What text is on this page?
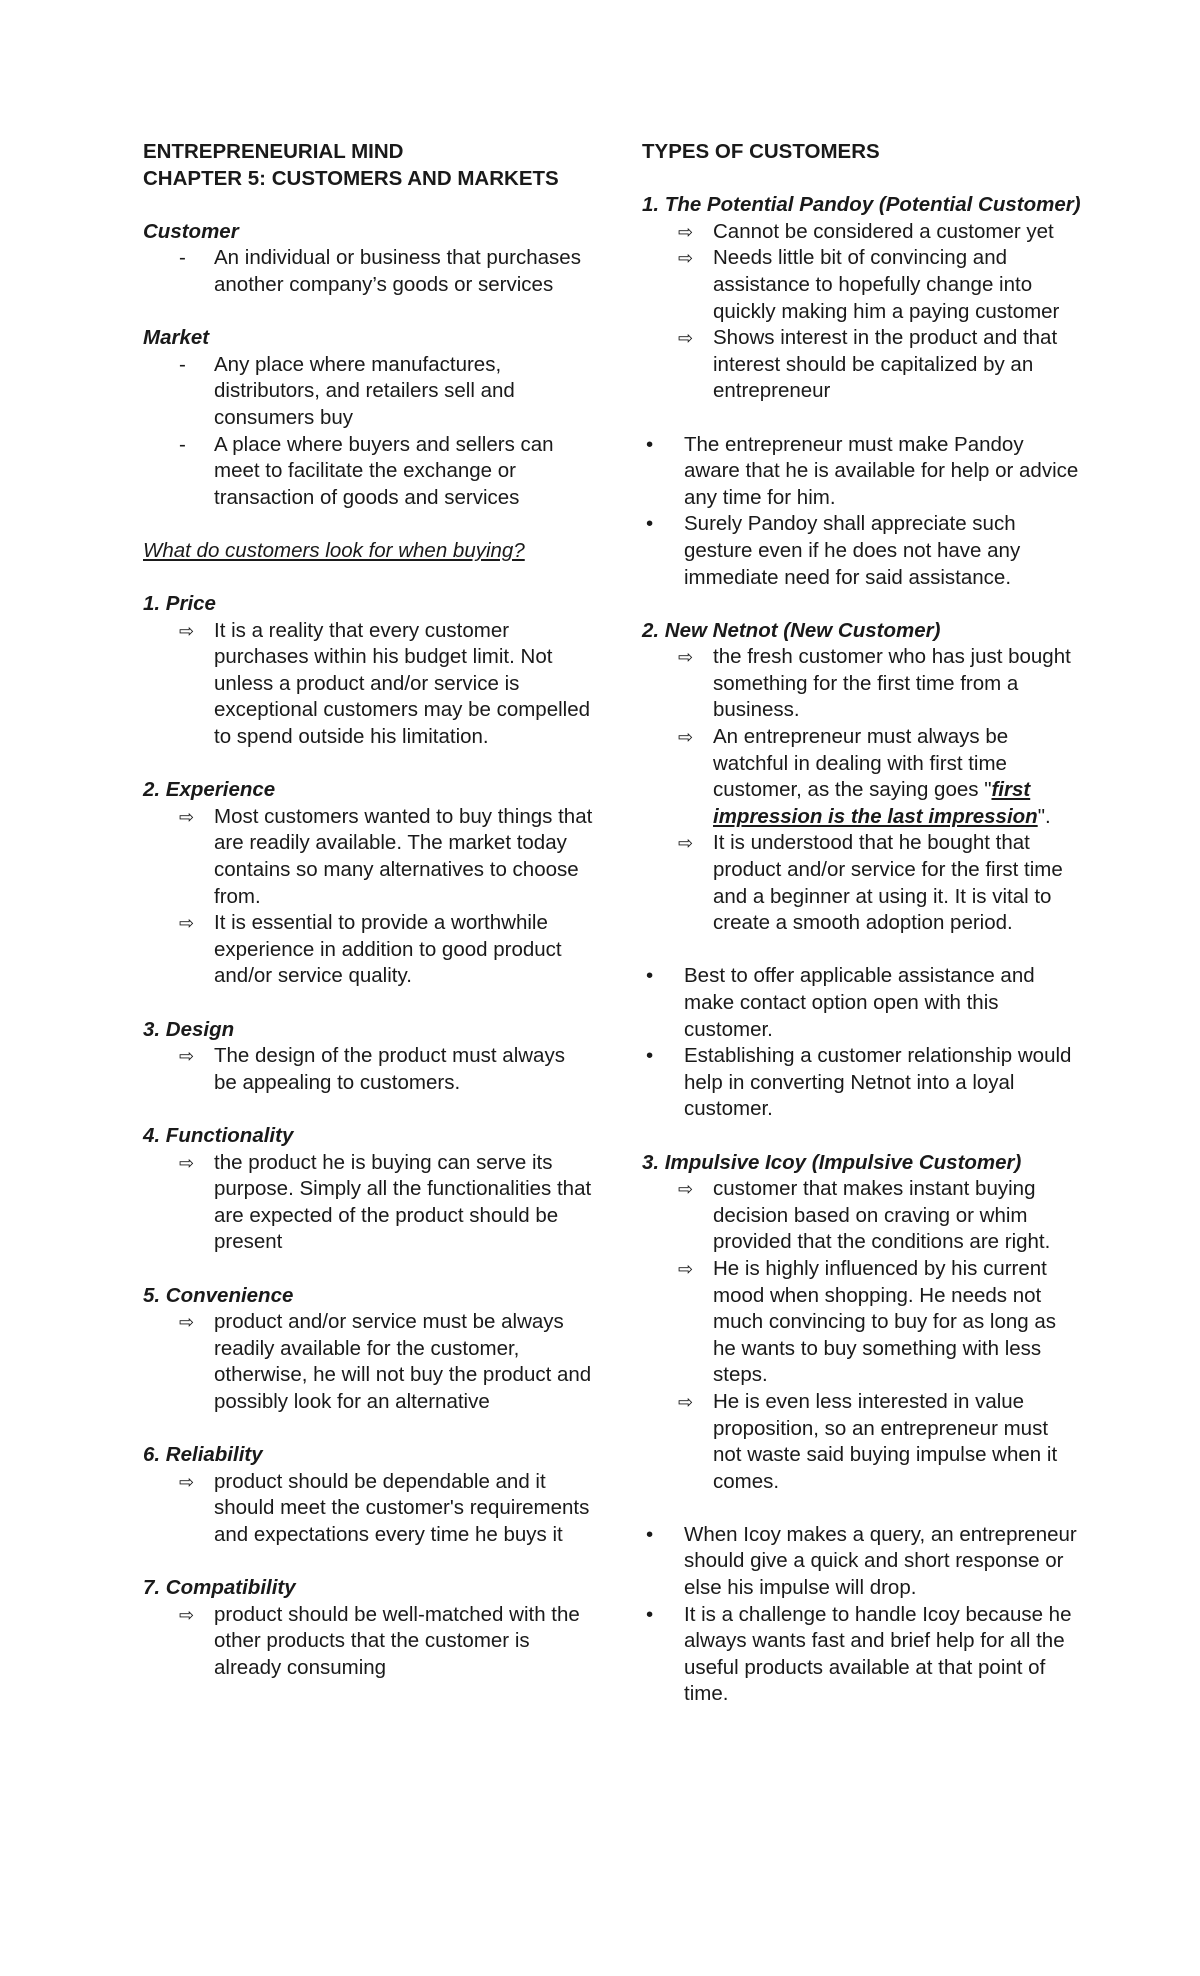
ENTREPRENEURIAL MIND

CHAPTER 5: CUSTOMERS AND MARKETS

Customer

- An individual or business that purchases another company’s goods or services

Market

- Any place where manufactures, distributors, and retailers sell and consumers buy
- A place where buyers and sellers can meet to facilitate the exchange or transaction of goods and services

What do customers look for when buying?

1. Price

⇨ It is a reality that every customer purchases within his budget limit. Not unless a product and/or service is exceptional customers may be compelled to spend outside his limitation.

2. Experience

⇨ Most customers wanted to buy things that are readily available. The market today contains so many alternatives to choose from.
⇨ It is essential to provide a worthwhile experience in addition to good product and/or service quality.

3. Design

⇨ The design of the product must always be appealing to customers.

4. Functionality

⇨ the product he is buying can serve its purpose. Simply all the functionalities that are expected of the product should be present

5. Convenience

⇨ product and/or service must be always readily available for the customer, otherwise, he will not buy the product and possibly look for an alternative

6. Reliability

⇨ product should be dependable and it should meet the customer's requirements and expectations every time he buys it

7. Compatibility

⇨ product should be well-matched with the other products that the customer is already consuming

TYPES OF CUSTOMERS

1. The Potential Pandoy (Potential Customer)

⇨ Cannot be considered a customer yet
⇨ Needs little bit of convincing and assistance to hopefully change into quickly making him a paying customer
⇨ Shows interest in the product and that interest should be capitalized by an entrepreneur
• The entrepreneur must make Pandoy aware that he is available for help or advice any time for him.
• Surely Pandoy shall appreciate such gesture even if he does not have any immediate need for said assistance.

2. New Netnot (New Customer)

⇨ the fresh customer who has just bought something for the first time from a business.
⇨ An entrepreneur must always be watchful in dealing with first time customer, as the saying goes "first impression is the last impression".
⇨ It is understood that he bought that product and/or service for the first time and a beginner at using it. It is vital to create a smooth adoption period.
• Best to offer applicable assistance and make contact option open with this customer.
• Establishing a customer relationship would help in converting Netnot into a loyal customer.

3. Impulsive Icoy (Impulsive Customer)

⇨ customer that makes instant buying decision based on craving or whim provided that the conditions are right.
⇨ He is highly influenced by his current mood when shopping. He needs not much convincing to buy for as long as he wants to buy something with less steps.
⇨ He is even less interested in value proposition, so an entrepreneur must not waste said buying impulse when it comes.
• When Icoy makes a query, an entrepreneur should give a quick and short response or else his impulse will drop.
• It is a challenge to handle Icoy because he always wants fast and brief help for all the useful products available at that point of time.
